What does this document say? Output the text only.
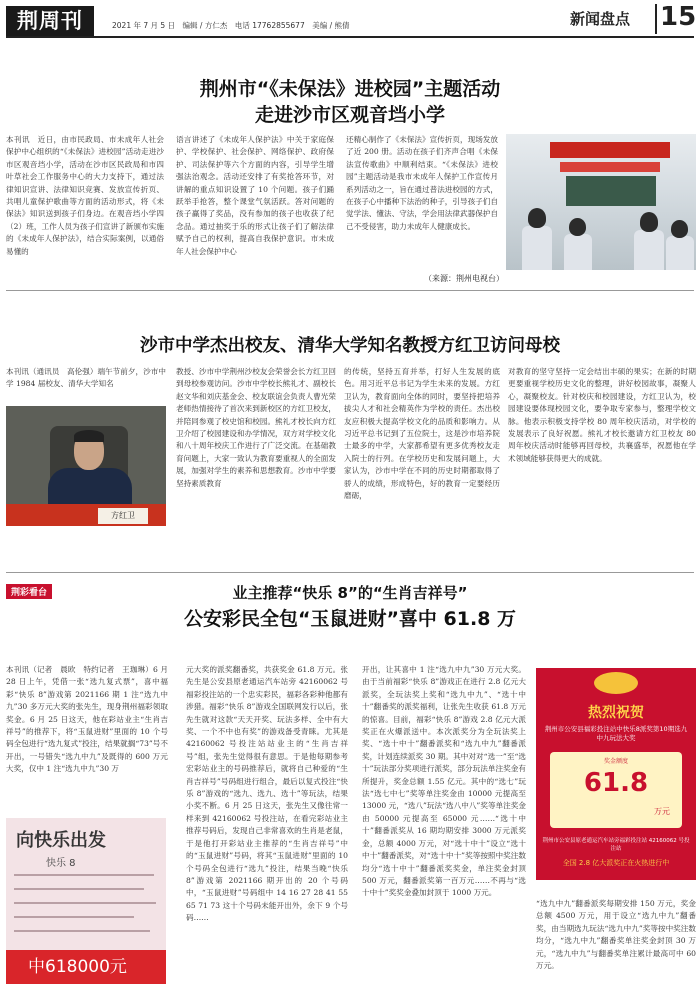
荆周刊	2021 年 7 月 5 日　编辑 / 方仁杰　电话 17762855677　美编 / 熊倩	新闻盘点 15
荆州市“《未保法》进校园”主题活动
走进沙市区观音垱小学
本刊讯　近日，由市民政局、市未成年人社会保护中心组织的“《未保法》进校园”活动走进沙市区观音垱小学，活动在沙市区民政局和市四叶草社会工作服务中心的大力支持下，通过法律知识宣讲、法律知识竞赛、发放宣传折页、共唱儿童保护歌曲等方面的活动形式，将《未保法》知识送到孩子们身边。在观音垱小学四（2）班，工作人员为孩子们宣讲了新颁布实施的《未成年人保护法》，结合实际案例，以通俗易懂的
语言讲述了《未成年人保护法》中关于家庭保护、学校保护、社会保护、网络保护、政府保护、司法保护等六个方面的内容，引导学生增强法治观念。活动还安排了有奖抢答环节，对讲解的重点知识设置了 10 个问题。孩子们踊跃举手抢答，整个课堂气氛活跃。答对问题的孩子赢得了奖品，没有参加的孩子也收获了纪念品。通过抽奖于乐的形式让孩子们了解法律赋予自己的权利，提高自我保护意识。市未成年人社会保护中心
还精心制作了《未保法》宣传折页，现场发放了近 200 册。活动在孩子们齐声合唱《未保法宣传歌曲》中顺利结束。“《未保法》进校园”主题活动是我市未成年人保护工作宣传月系列活动之一，旨在通过普法进校园的方式，在孩子心中播种下法治的种子，引导孩子们自觉学法、懂法、守法，学会用法律武器保护自己不受侵害，助力未成年人健康成长。
（来源：荆州电视台）
沙市中学杰出校友、清华大学知名教授方红卫访问母校
本刊讯（通讯员　高伦强）端午节前夕，沙市中学 1984 届校友、清华大学知名
方红卫
教授、沙市中学荆州沙校友会荣誉会长方红卫回到母校参观访问。沙市中学校长熊礼才、副校长赵文华和刘庆基金会、校友联谊会负责人曹光荣老师热情接待了首次来到新校区的方红卫校友，并陪同参观了校史馆和校园。熊礼才校长向方红卫介绍了校园建设和办学情况，双方对学校文化和八十周年校庆工作进行了广泛交流。在基础教育问题上，大家一致认为教育要重视人的全面发展，加强对学生的素养和思想教育。沙市中学要坚持素质教育
的传统，坚持五育并举，打好人生发展的底色。用习近平总书记为学生未来的发展。方红卫认为，教育面向全体的同时，要坚持把培养拔尖人才和社会精英作为学校的责任。杰出校友应积极大提高学校文化的品质和影响力。从习近平总书记到了五位院士，这是沙市培养院士最多的中学，大家都希望有更多优秀校友走入院士的行列。在学校历史和发展问题上，大家认为，沙市中学在不同的历史时期都取得了骄人的成绩，形成特色，好的教育一定要经历磨砺，
对教育的坚守坚持一定会结出丰硕的果实；在新的时期更要重视学校历史文化的整理，讲好校园故事，凝聚人心，凝聚校友。针对校庆和校园建设，方红卫认为，校园建设要体现校园文化，要争取专家参与，整理学校文脉。他表示积极支持学校 80 周年校庆活动，对学校的发展表示了良好祝愿。熊礼才校长邀请方红卫校友 80 周年校庆活动时能够再回母校，共襄盛举，祝愿他在学术领域能够获得更大的成就。
荆彩看台	业主推荐“快乐 8”的“生肖吉祥号”
公安彩民全包“玉鼠进财”喜中 61.8 万
本刊讯（记者　晨欧　特约记者　王珈琳）6 月 28 日上午，凭借一张“选九复式票”，喜中福彩“快乐 8”游戏第 2021166 期 1 注“选九中九”30 多万元大奖的张先生，现身荆州福彩领取奖金。6 月 25 日这天，他在彩站业主“生肖吉祥号”的推荐下，将“玉鼠进财”里面的 10 个号码全包进行“选九复式”投注，结果就搁“73”号不开出，一号错失“选九中九”及既得的 600 万元大奖，仅中 1 注“选九中九”30 万
元大奖的派奖翻番奖，共获奖金 61.8 万元。张先生是公安县原老通运汽车站旁 42160062 号福彩投注站的一个忠实彩民，福彩各彩种他都有涉猎。福彩“快乐 8”游戏全国联网发行以后，张先生就对这款“天天开奖、玩法多样、全中有大奖、一个不中也有奖”的游戏备受青睐。尤其是 42160062 号投注站站业主的“生肖吉祥号”组，张先生觉得很有意思。于是他每期参考宏彩站业主的号码推荐后，就将自己种爱的“生肖吉祥号”号码组进行组合，最后以复式投注“快乐 8”游戏的“选九、选九、选十”等玩法，结果小奖不断。6 月 25 日这天，张先生又像往常一样来到 42160062 号投注站，在看完彩站业主推荐号码后，发现自己非常喜欢的生肖是老鼠，于是他打开彩站业主推荐的“生肖吉祥号”中的“玉鼠进财”号码，将其“玉鼠进财”里面的 10 个号码全包进行“选九”投注，结果当晚“快乐 8”游戏第 2021166 期开出的 20 个号码中，“玉鼠进财”号码组中 14 16 27 28 41 55 65 71 73 这十个号码未能开出外，余下 9 个号码……
开出，让其喜中 1 注“选九中九”30 万元大奖。由于当前福彩“快乐 8”游戏正在进行 2.8 亿元大派奖，全玩法奖上奖和“选九中九”、“选十中十”翻番奖的派奖福利，让张先生收获 61.8 万元的惊喜。目前，福彩“快乐 8”游戏 2.8 亿元大派奖正在火爆派送中。本次派奖分为全玩法奖上奖、“选十中十”翻番派奖和“选九中九”翻番派奖，计划连续派奖 30 期。其中对对“选一”至“选十”玩法部分奖项进行派奖，部分玩法单注奖金有所提升，奖金总额 1.55 亿元。其中的“选七”玩法“选七中七”奖等单注奖金由 10000 元提高至 13000 元，“选八”玩法“选八中八”奖等单注奖金由 50000 元提高至 65000 元……“选十中十”翻番派奖从 16 期均期安排 3000 万元派奖金，总额 4000 万元，对“选十中十”设立“选十中十”翻番派奖，对“选十中十”奖等按照中奖注数均分“选十中十”翻番派奖奖金，单注奖金封顶 500 万元，翻番派奖第一百万元……不再与“选十中十”奖奖金叠加封顶于 1000 万元。
“选九中九”翻番派奖每期安排 150 万元，奖金总额 4500 万元，用于设立“选九中九”翻番奖，由当期选九玩法“选九中九”奖等按中奖注数均分，“选九中九”翻番奖单注奖金封顶 30 万元，“选九中九”与翻番奖单注累计最高可中 60 万元。
向快乐出发
快乐 8
中618000元
热烈祝贺
荆州市公安县福彩投注站中快乐8派奖第10期选九中九玩法大奖
奖金额度
61.8
万元
荆州市公安县原老通运汽车站旁福彩投注站 42160062 号投注站
全国 2.8 亿大派奖正在火热进行中
